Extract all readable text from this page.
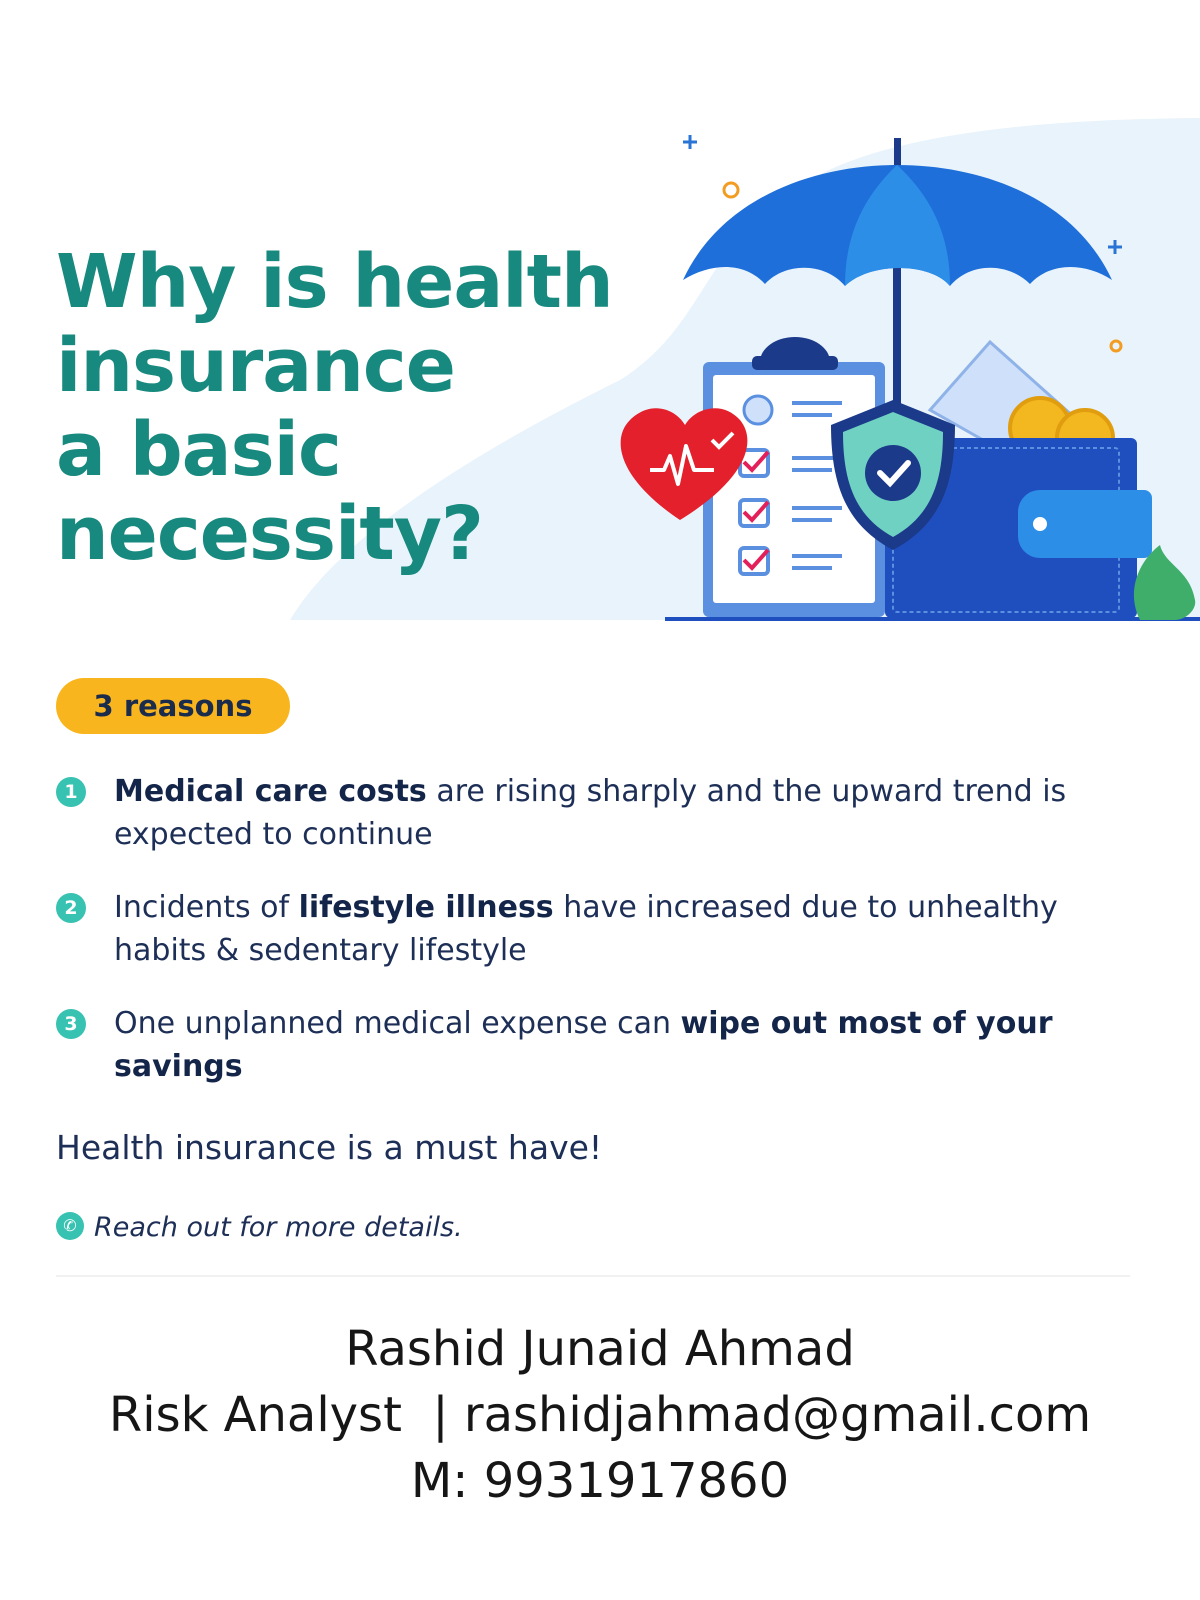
Why is health
insurance
a basic
necessity?
3 reasons
1 Medical care costs are rising sharply and the upward trend is expected to continue
2 Incidents of lifestyle illness have increased due to unhealthy habits & sedentary lifestyle
3 One unplanned medical expense can wipe out most of your savings

Health insurance is a must have!

✆ Reach out for more details.
Rashid Junaid Ahmad
Risk Analyst  | rashidjahmad@gmail.com
M: 9931917860
